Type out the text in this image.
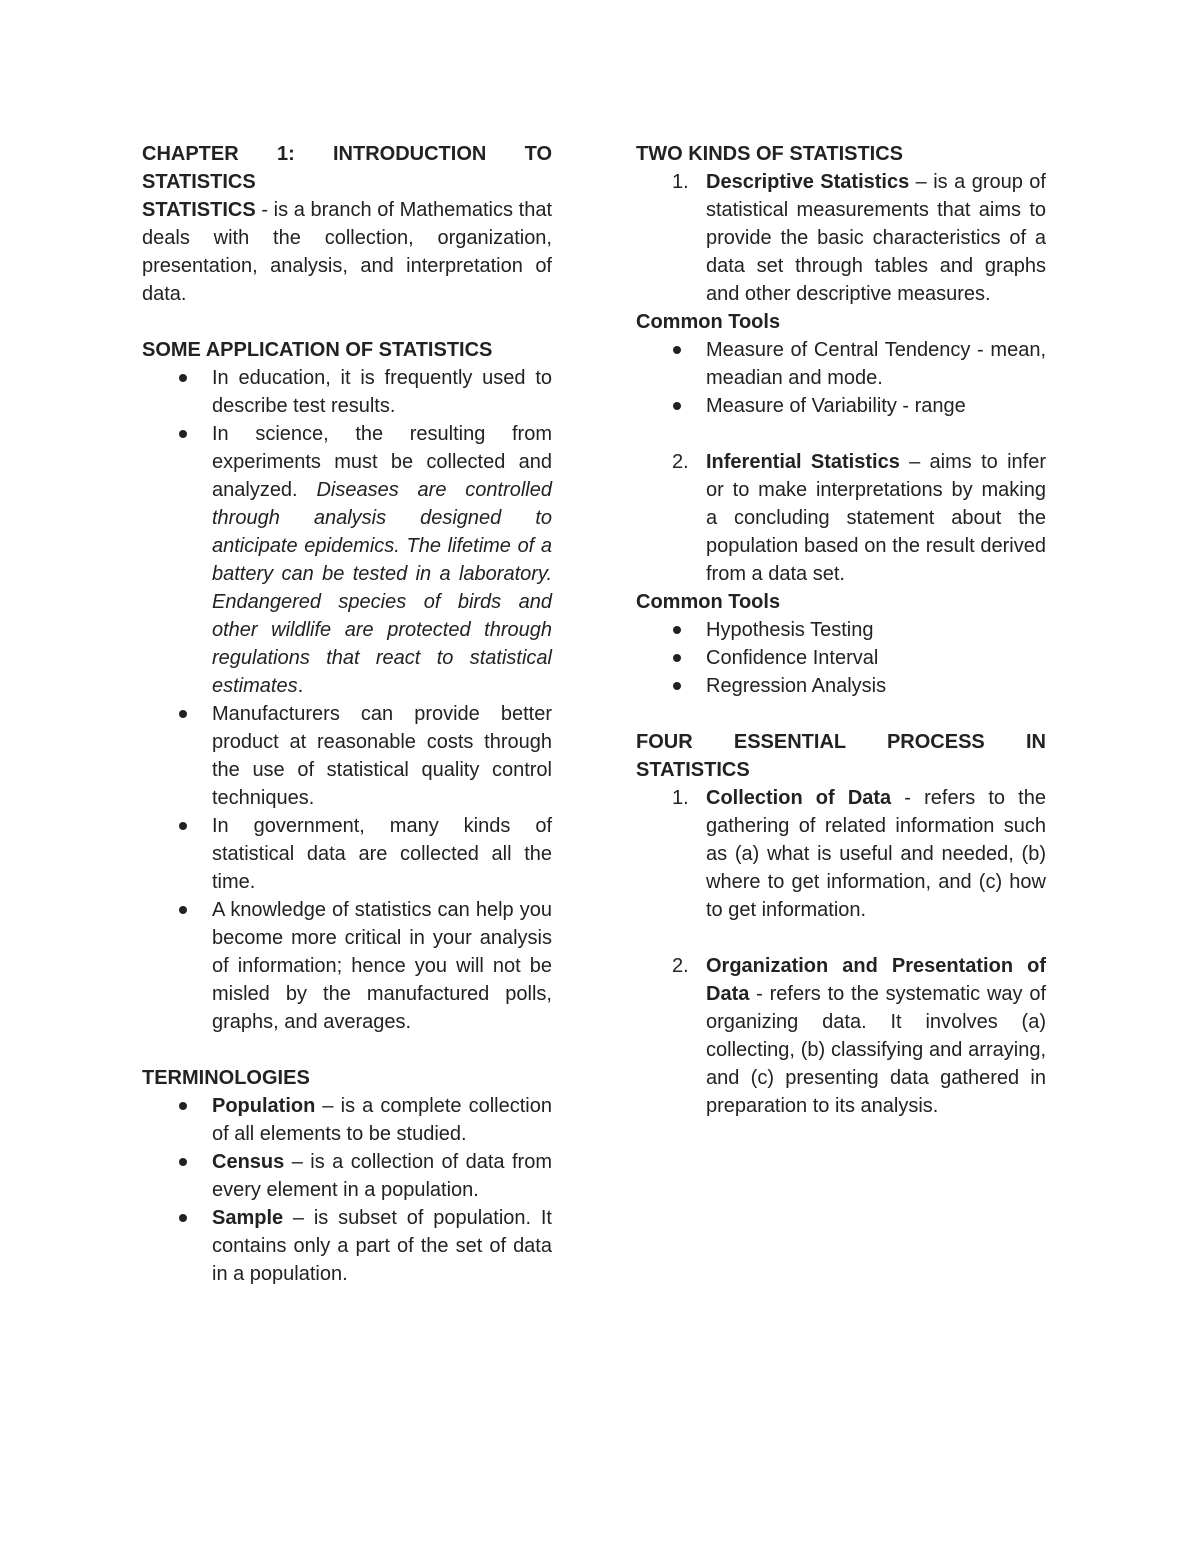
CHAPTER 1: INTRODUCTION TO

STATISTICS

STATISTICS - is a branch of Mathematics that deals with the collection, organization, presentation, analysis, and interpretation of data.

SOME APPLICATION OF STATISTICS

In education, it is frequently used to describe test results.
In science, the resulting from experiments must be collected and analyzed. Diseases are controlled through analysis designed to anticipate epidemics. The lifetime of a battery can be tested in a laboratory. Endangered species of birds and other wildlife are protected through regulations that react to statistical estimates.
Manufacturers can provide better product at reasonable costs through the use of statistical quality control techniques.
In government, many kinds of statistical data are collected all the time.
A knowledge of statistics can help you become more critical in your analysis of information; hence you will not be misled by the manufactured polls, graphs, and averages.

TERMINOLOGIES

Population – is a complete collection of all elements to be studied.
Census – is a collection of data from every element in a population.
Sample – is subset of population. It contains only a part of the set of data in a population.

TWO KINDS OF STATISTICS

1. Descriptive Statistics – is a group of statistical measurements that aims to provide the basic characteristics of a data set through tables and graphs and other descriptive measures.

Common Tools

Measure of Central Tendency - mean, meadian and mode.
Measure of Variability - range
2. Inferential Statistics – aims to infer or to make interpretations by making a concluding statement about the population based on the result derived from a data set.

Common Tools

Hypothesis Testing
Confidence Interval
Regression Analysis

FOUR ESSENTIAL PROCESS IN

STATISTICS

1. Collection of Data - refers to the gathering of related information such as (a) what is useful and needed, (b) where to get information, and (c) how to get information.
2. Organization and Presentation of Data - refers to the systematic way of organizing data. It involves (a) collecting, (b) classifying and arraying, and (c) presenting data gathered in preparation to its analysis.
